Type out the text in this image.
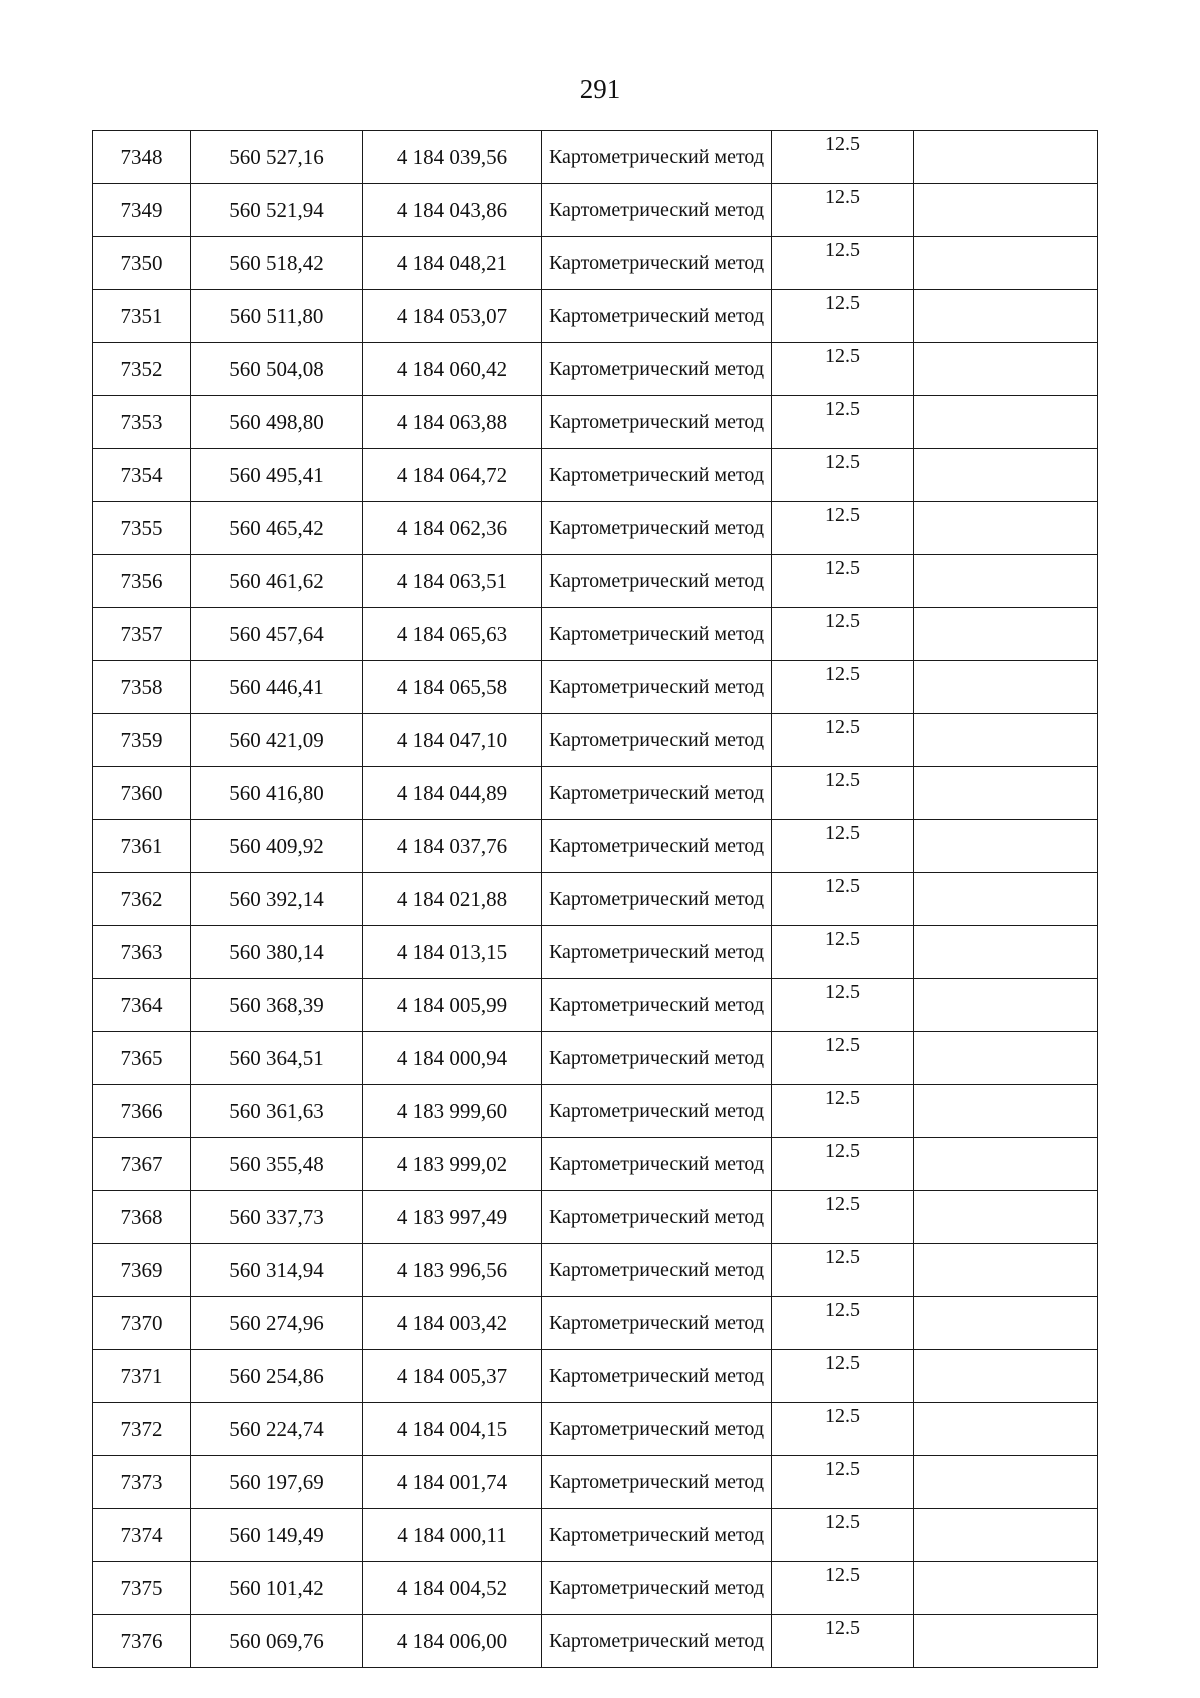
291
7348	560 527,16	4 184 039,56	Картометрический метод	12.5	
7349	560 521,94	4 184 043,86	Картометрический метод	12.5	
7350	560 518,42	4 184 048,21	Картометрический метод	12.5	
7351	560 511,80	4 184 053,07	Картометрический метод	12.5	
7352	560 504,08	4 184 060,42	Картометрический метод	12.5	
7353	560 498,80	4 184 063,88	Картометрический метод	12.5	
7354	560 495,41	4 184 064,72	Картометрический метод	12.5	
7355	560 465,42	4 184 062,36	Картометрический метод	12.5	
7356	560 461,62	4 184 063,51	Картометрический метод	12.5	
7357	560 457,64	4 184 065,63	Картометрический метод	12.5	
7358	560 446,41	4 184 065,58	Картометрический метод	12.5	
7359	560 421,09	4 184 047,10	Картометрический метод	12.5	
7360	560 416,80	4 184 044,89	Картометрический метод	12.5	
7361	560 409,92	4 184 037,76	Картометрический метод	12.5	
7362	560 392,14	4 184 021,88	Картометрический метод	12.5	
7363	560 380,14	4 184 013,15	Картометрический метод	12.5	
7364	560 368,39	4 184 005,99	Картометрический метод	12.5	
7365	560 364,51	4 184 000,94	Картометрический метод	12.5	
7366	560 361,63	4 183 999,60	Картометрический метод	12.5	
7367	560 355,48	4 183 999,02	Картометрический метод	12.5	
7368	560 337,73	4 183 997,49	Картометрический метод	12.5	
7369	560 314,94	4 183 996,56	Картометрический метод	12.5	
7370	560 274,96	4 184 003,42	Картометрический метод	12.5	
7371	560 254,86	4 184 005,37	Картометрический метод	12.5	
7372	560 224,74	4 184 004,15	Картометрический метод	12.5	
7373	560 197,69	4 184 001,74	Картометрический метод	12.5	
7374	560 149,49	4 184 000,11	Картометрический метод	12.5	
7375	560 101,42	4 184 004,52	Картометрический метод	12.5	
7376	560 069,76	4 184 006,00	Картометрический метод	12.5	
